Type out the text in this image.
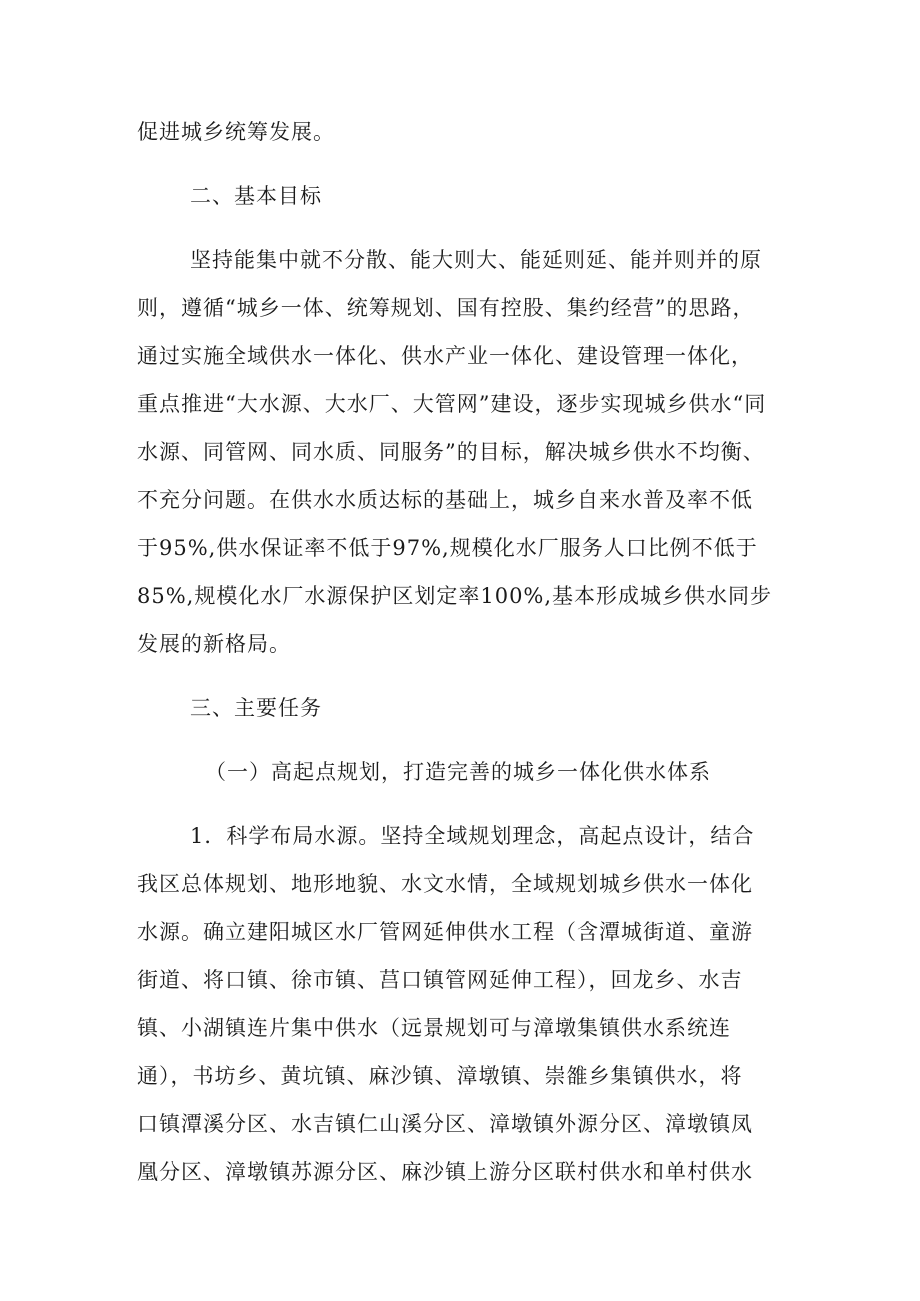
促进城乡统筹发展。
二、基本目标
坚持能集中就不分散、能大则大、能延则延、能并则并的原
则，遵循“城乡一体、统筹规划、国有控股、集约经营”的思路，
通过实施全域供水一体化、供水产业一体化、建设管理一体化，
重点推进“大水源、大水厂、大管网”建设，逐步实现城乡供水“同
水源、同管网、同水质、同服务”的目标，解决城乡供水不均衡、
不充分问题。在供水水质达标的基础上，城乡自来水普及率不低
于95%,供水保证率不低于97%,规模化水厂服务人口比例不低于
85%,规模化水厂水源保护区划定率100%,基本形成城乡供水同步
发展的新格局。
三、主要任务
（一）高起点规划，打造完善的城乡一体化供水体系
1．科学布局水源。坚持全域规划理念，高起点设计，结合
我区总体规划、地形地貌、水文水情，全域规划城乡供水一体化
水源。确立建阳城区水厂管网延伸供水工程（含潭城街道、童游
街道、将口镇、徐市镇、莒口镇管网延伸工程），回龙乡、水吉
镇、小湖镇连片集中供水（远景规划可与漳墩集镇供水系统连
通），书坊乡、黄坑镇、麻沙镇、漳墩镇、崇雒乡集镇供水，将
口镇潭溪分区、水吉镇仁山溪分区、漳墩镇外源分区、漳墩镇凤
凰分区、漳墩镇苏源分区、麻沙镇上游分区联村供水和单村供水
